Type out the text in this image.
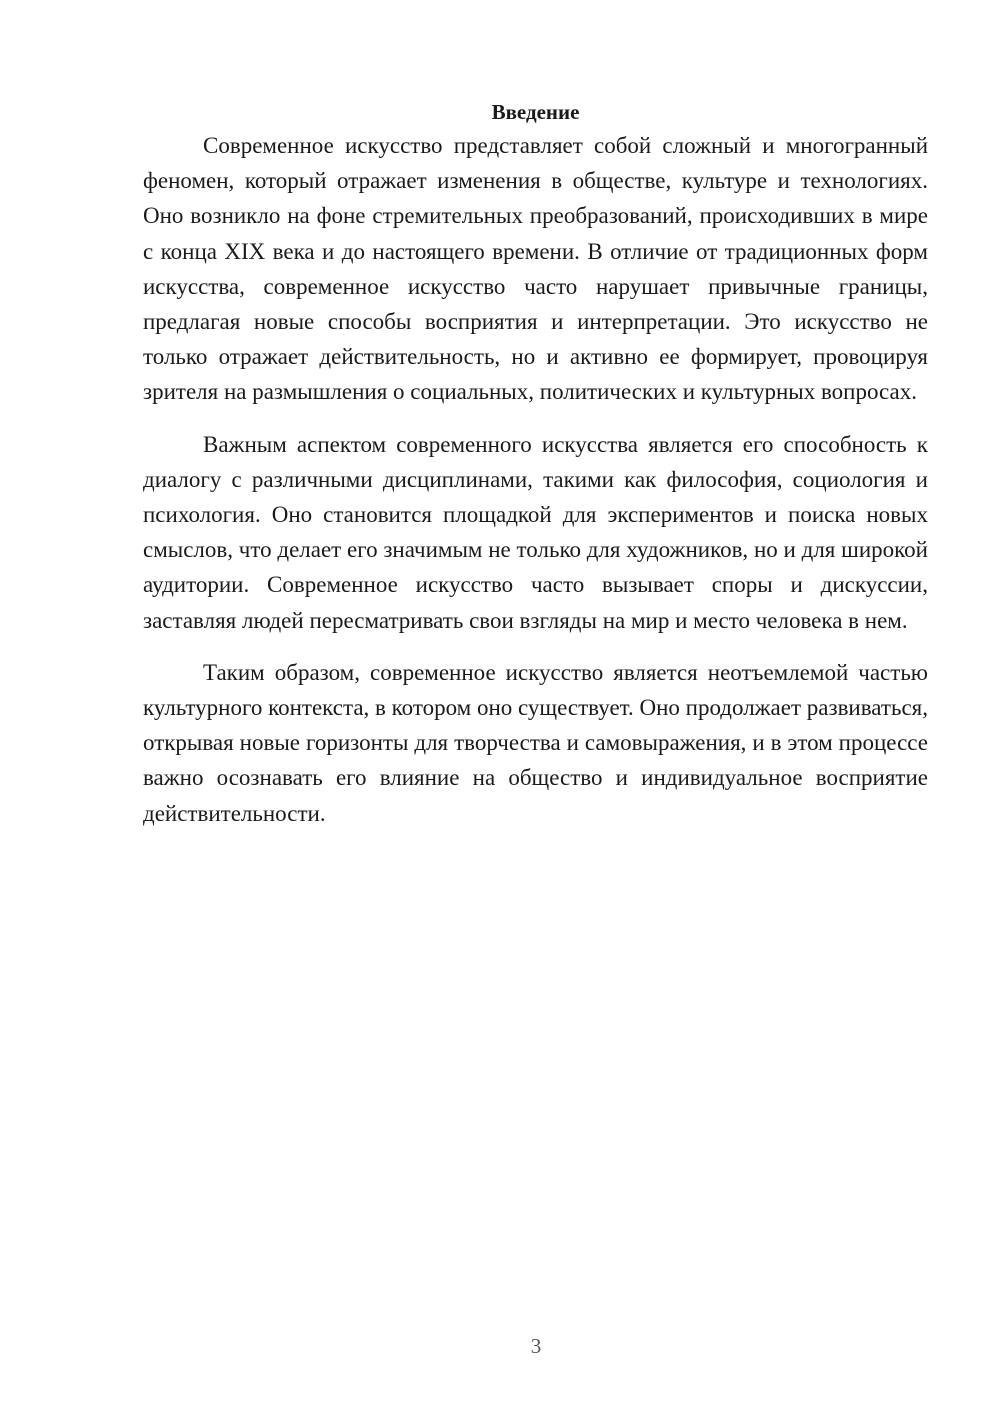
Введение

Современное искусство представляет собой сложный и многогранный феномен, который отражает изменения в обществе, культуре и технологиях. Оно возникло на фоне стремительных преобразований, происходивших в мире с конца XIX века и до настоящего времени. В отличие от традиционных форм искусства, современное искусство часто нарушает привычные границы, предлагая новые способы восприятия и интерпретации. Это искусство не только отражает действительность, но и активно ее формирует, провоцируя зрителя на размышления о социальных, политических и культурных вопросах.

Важным аспектом современного искусства является его способность к диалогу с различными дисциплинами, такими как философия, социология и психология. Оно становится площадкой для экспериментов и поиска новых смыслов, что делает его значимым не только для художников, но и для широкой аудитории. Современное искусство часто вызывает споры и дискуссии, заставляя людей пересматривать свои взгляды на мир и место человека в нем.

Таким образом, современное искусство является неотъемлемой частью культурного контекста, в котором оно существует. Оно продолжает развиваться, открывая новые горизонты для творчества и самовыражения, и в этом процессе важно осознавать его влияние на общество и индивидуальное восприятие действительности.

3
